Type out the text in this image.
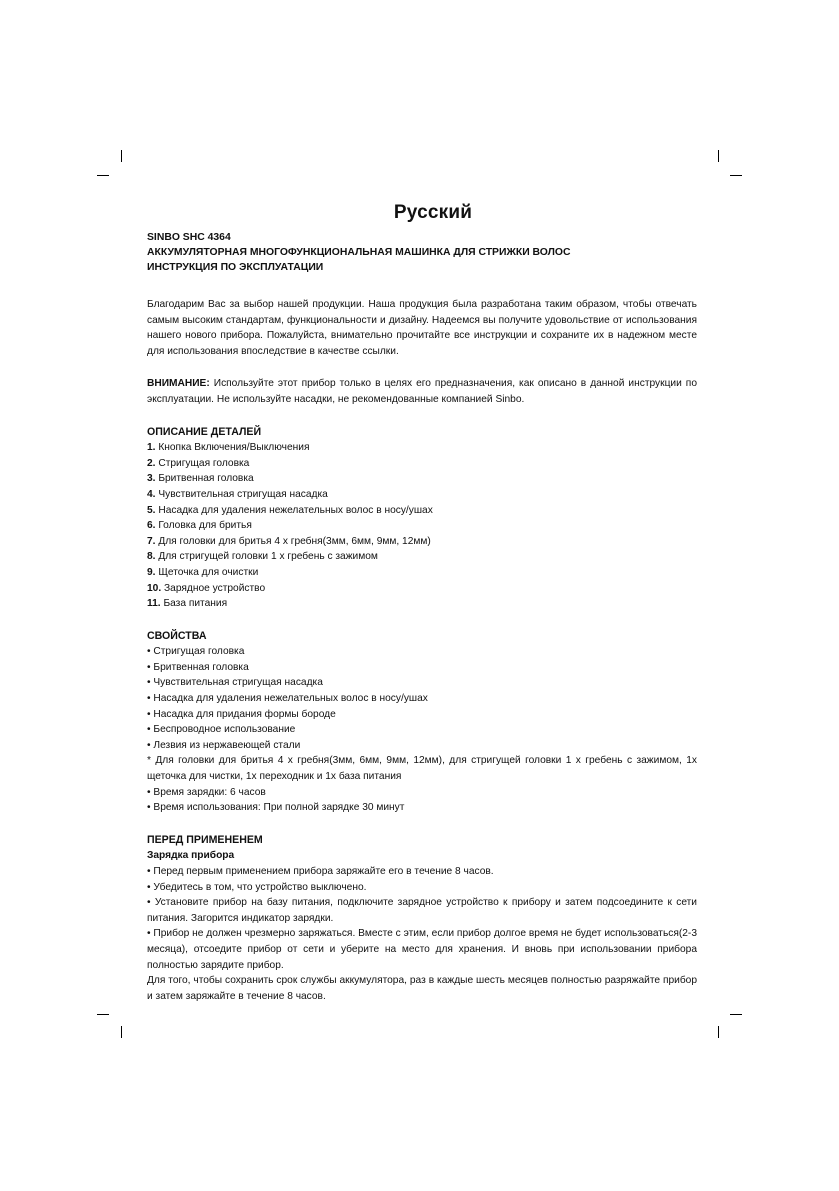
Русский
SINBO SHC 4364
АККУМУЛЯТОРНАЯ МНОГОФУНКЦИОНАЛЬНАЯ МАШИНКА ДЛЯ СТРИЖКИ ВОЛОС
ИНСТРУКЦИЯ ПО ЭКСПЛУАТАЦИИ

Благодарим Вас за выбор нашей продукции. Наша продукция была разработана таким образом, чтобы отвечать самым высоким стандартам, функциональности и дизайну. Надеемся вы получите удовольствие от использования нашего нового прибора. Пожалуйста, внимательно прочитайте все инструкции и сохраните их в надежном месте для использования впоследствие в качестве ссылки.

ВНИМАНИЕ: Используйте этот прибор только в целях его предназначения, как описано в данной инструкции по эксплуатации. Не используйте насадки, не рекомендованные компанией Sinbo.

ОПИСАНИЕ ДЕТАЛЕЙ
1. Кнопка Включения/Выключения
2. Стригущая головка
3. Бритвенная головка
4. Чувствительная стригущая насадка
5. Насадка для удаления нежелательных волос в носу/ушах
6. Головка для бритья
7. Для головки для бритья 4 х гребня(3мм, 6мм, 9мм, 12мм)
8. Для стригущей головки 1 х гребень с зажимом
9. Щеточка для очистки
10. Зарядное устройство
11. База питания
СВОЙСТВА

• Стригущая головка

• Бритвенная головка

• Чувствительная стригущая насадка

• Насадка для удаления нежелательных волос в носу/ушах

• Насадка для придания формы бороде

• Беспроводное использование

• Лезвия из нержавеющей стали

* Для головки для бритья 4 х гребня(3мм, 6мм, 9мм, 12мм), для стригущей головки 1 х гребень с зажимом, 1х щеточка для чистки, 1х переходник и 1х база питания

• Время зарядки: 6 часов

• Время использования: При полной зарядке 30 минут

ПЕРЕД ПРИМЕНЕНЕМ
Зарядка прибора

• Перед первым применением прибора заряжайте его в течение 8 часов.

• Убедитесь в том, что устройство выключено.

• Установите прибор на базу питания, подключите зарядное устройство к прибору и затем подсоедините к сети питания. Загорится индикатор зарядки.

• Прибор не должен чрезмерно заряжаться. Вместе с этим, если прибор долгое время не будет использоваться(2-3 месяца), отсоедите прибор от сети и уберите на место для хранения. И вновь при использовании прибора полностью зарядите прибор.

Для того, чтобы сохранить срок службы аккумулятора, раз в каждые шесть месяцев полностью разряжайте прибор и затем заряжайте в течение 8 часов.
